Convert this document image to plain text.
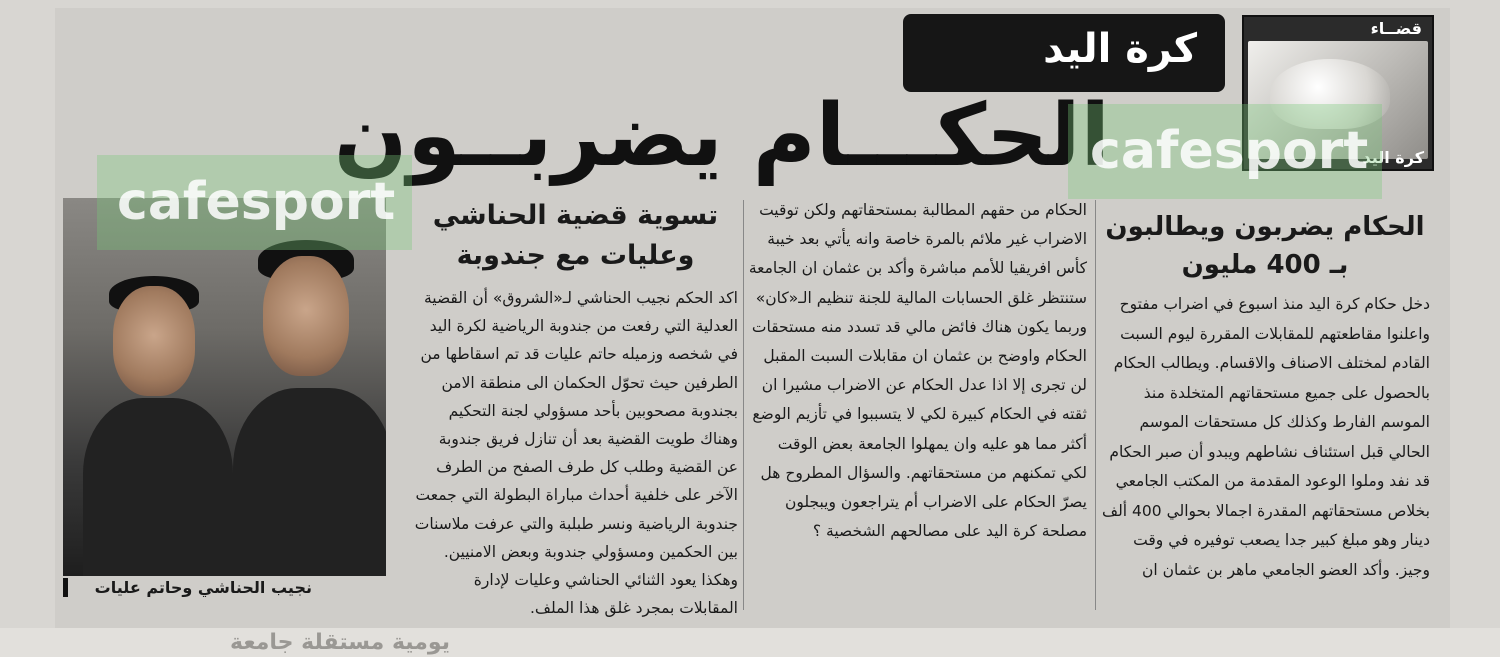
قضــاء
كرة اليد
كرة اليد
الحكـــام يضربــون
cafesport
الحكام يضربون ويطالبون بـ 400 مليون
دخل حكام كرة اليد منذ اسبوع في اضراب مفتوح واعلنوا مقاطعتهم للمقابلات المقررة ليوم السبت القادم لمختلف الاصناف والاقسام. ويطالب الحكام بالحصول على جميع مستحقاتهم المتخلدة منذ الموسم الفارط وكذلك كل مستحقات الموسم الحالي قبل استئناف نشاطهم ويبدو أن صبر الحكام قد نفد وملوا الوعود المقدمة من المكتب الجامعي بخلاص مستحقاتهم المقدرة اجمالا بحوالي 400 ألف دينار وهو مبلغ كبير جدا يصعب توفيره في وقت وجيز. وأكد العضو الجامعي ماهر بن عثمان ان
الحكام من حقهم المطالبة بمستحقاتهم ولكن توقيت الاضراب غير ملائم بالمرة خاصة وانه يأتي بعد خيبة كأس افريقيا للأمم مباشرة وأكد بن عثمان ان الجامعة ستنتظر غلق الحسابات المالية للجنة تنظيم الـ«كان» وربما يكون هناك فائض مالي قد تسدد منه مستحقات الحكام واوضح بن عثمان ان مقابلات السبت المقبل لن تجرى إلا اذا عدل الحكام عن الاضراب مشيرا ان ثقته في الحكام كبيرة لكي لا يتسببوا في تأزيم الوضع أكثر مما هو عليه وان يمهلوا الجامعة بعض الوقت لكي تمكنهم من مستحقاتهم. والسؤال المطروح هل يصرّ الحكام على الاضراب أم يتراجعون ويبجلون مصلحة كرة اليد على مصالحهم الشخصية ؟
تسوية قضية الحناشي وعليات مع جندوبة
اكد الحكم نجيب الحناشي لـ«الشروق» أن القضية العدلية التي رفعت من جندوبة الرياضية لكرة اليد في شخصه وزميله حاتم عليات قد تم اسقاطها من الطرفين حيث تحوّل الحكمان الى منطقة الامن بجندوبة مصحوبين بأحد مسؤولي لجنة التحكيم وهناك طويت القضية بعد أن تنازل فريق جندوبة عن القضية وطلب كل طرف الصفح من الطرف الآخر على خلفية أحداث مباراة البطولة التي جمعت جندوبة الرياضية ونسر طبلبة والتي عرفت ملاسنات بين الحكمين ومسؤولي جندوبة وبعض الامنيين. وهكذا يعود الثنائي الحناشي وعليات لإدارة المقابلات بمجرد غلق هذا الملف.
cafesport
نجيب الحناشي وحاتم عليات
يومية مستقلة جامعة
